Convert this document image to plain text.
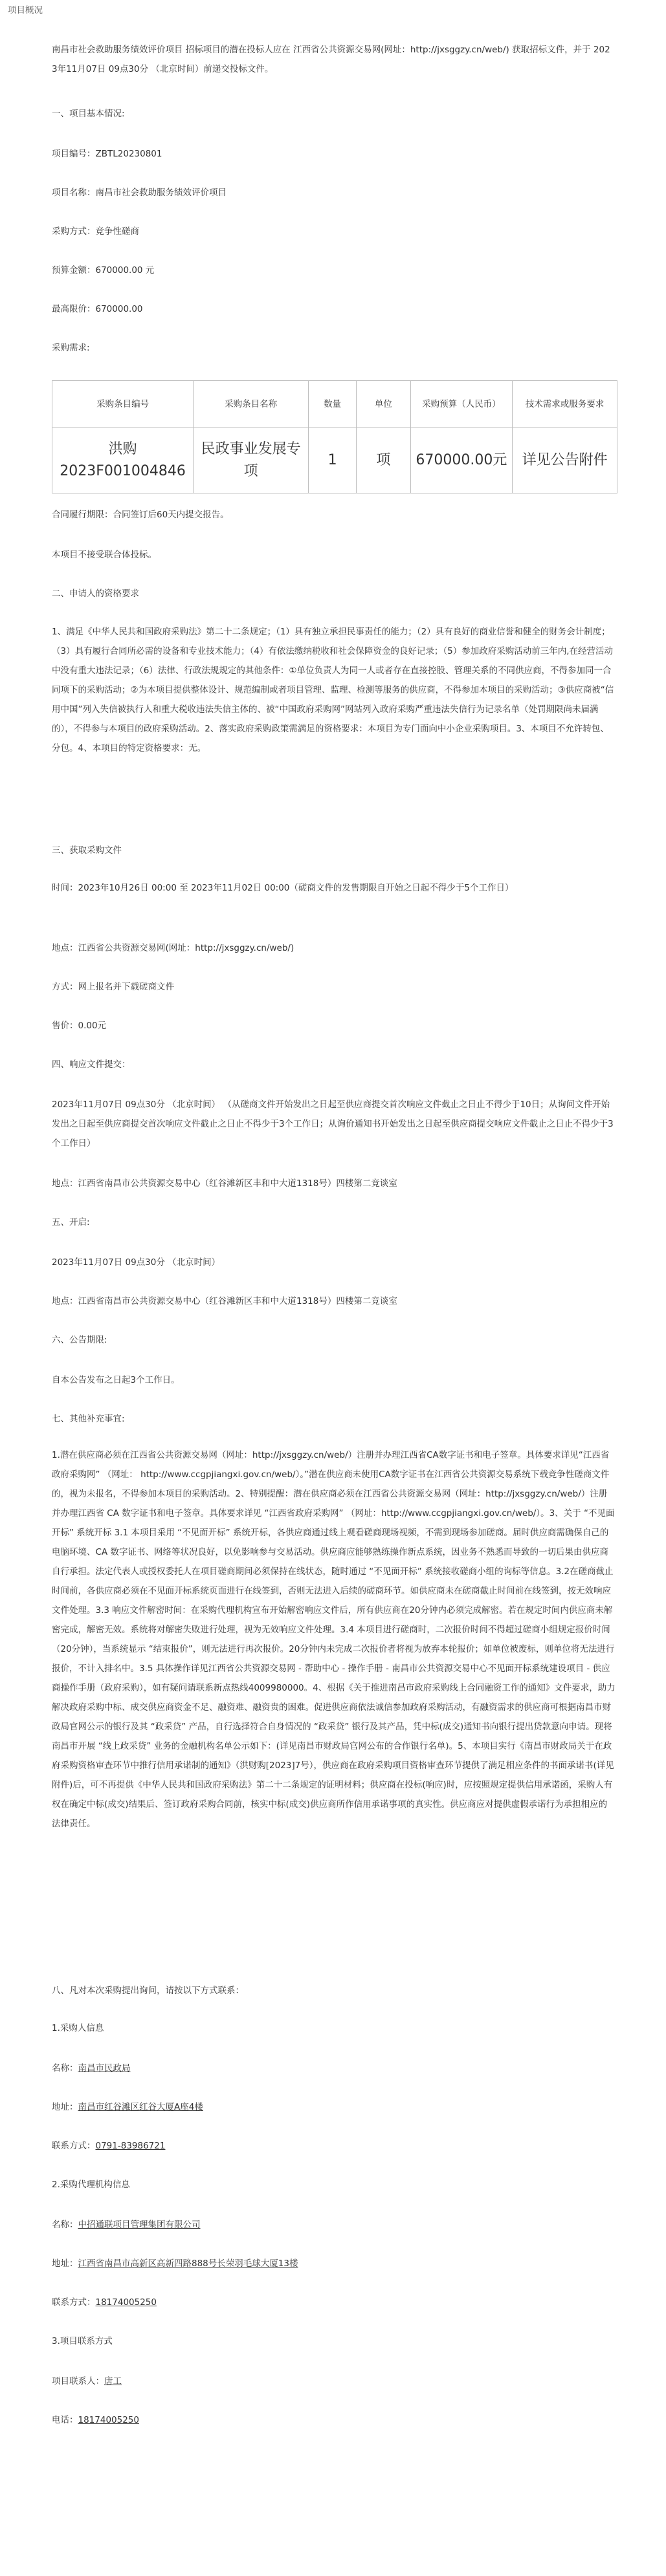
项目概况
南昌市社会救助服务绩效评价项目 招标项目的潜在投标人应在 江西省公共资源交易网(网址：http://jxsggzy.cn/web/) 获取招标文件，并于 2023年11月07日 09点30分 （北京时间）前递交投标文件。
一、项目基本情况:
项目编号：ZBTL20230801
项目名称：南昌市社会救助服务绩效评价项目
采购方式：竞争性磋商
预算金额：670000.00 元
最高限价：670000.00
采购需求:
采购条目编号	采购条目名称	数量	单位	采购预算（人民币）	技术需求或服务要求
洪购2023F001004846	民政事业发展专项	1	项	670000.00元	详见公告附件
合同履行期限：合同签订后60天内提交报告。
本项目不接受联合体投标。
二、申请人的资格要求
1、满足《中华人民共和国政府采购法》第二十二条规定；（1）具有独立承担民事责任的能力；（2）具有良好的商业信誉和健全的财务会计制度；（3）具有履行合同所必需的设备和专业技术能力；（4）有依法缴纳税收和社会保障资金的良好记录；（5）参加政府采购活动前三年内,在经营活动中没有重大违法记录；（6）法律、行政法规规定的其他条件：①单位负责人为同一人或者存在直接控股、管理关系的不同供应商，不得参加同一合同项下的采购活动；②为本项目提供整体设计、规范编制或者项目管理、监理、检测等服务的供应商，不得参加本项目的采购活动；③供应商被“信用中国”列入失信被执行人和重大税收违法失信主体的、被“中国政府采购网”网站列入政府采购严重违法失信行为记录名单（处罚期限尚未届满的），不得参与本项目的政府采购活动。2、落实政府采购政策需满足的资格要求：本项目为专门面向中小企业采购项目。3、本项目不允许转包、分包。4、本项目的特定资格要求：无。
三、获取采购文件
时间：2023年10月26日 00:00 至 2023年11月02日 00:00（磋商文件的发售期限自开始之日起不得少于5个工作日）
地点：江西省公共资源交易网(网址：http://jxsggzy.cn/web/)
方式：网上报名并下载磋商文件
售价：0.00元
四、响应文件提交：
2023年11月07日 09点30分 （北京时间） （从磋商文件开始发出之日起至供应商提交首次响应文件截止之日止不得少于10日；从询问文件开始发出之日起至供应商提交首次响应文件截止之日止不得少于3个工作日；从询价通知书开始发出之日起至供应商提交响应文件截止之日止不得少于3个工作日）
地点：江西省南昌市公共资源交易中心（红谷滩新区丰和中大道1318号）四楼第二竞谈室
五、开启:
2023年11月07日 09点30分 （北京时间）
地点：江西省南昌市公共资源交易中心（红谷滩新区丰和中大道1318号）四楼第二竞谈室
六、公告期限:
自本公告发布之日起3个工作日。
七、其他补充事宜:
1.潜在供应商必须在江西省公共资源交易网（网址：http://jxsggzy.cn/web/）注册并办理江西省CA数字证书和电子签章。具体要求详见“江西省政府采购网” （网址： http://www.ccgpjiangxi.gov.cn/web/）。”潜在供应商未使用CA数字证书在江西省公共资源交易系统下载竞争性磋商文件的，视为未报名，不得参加本项目的采购活动。2、特别提醒：潜在供应商必须在江西省公共资源交易网（网址：http://jxsggzy.cn/web/）注册并办理江西省 CA 数字证书和电子签章。具体要求详见 “江西省政府采购网” （网址：http://www.ccgpjiangxi.gov.cn/web/）。3、关于 “不见面开标” 系统开标 3.1 本项目采用 “不见面开标” 系统开标，各供应商通过线上观看磋商现场视频，不需到现场参加磋商。届时供应商需确保自己的电脑环境、CA 数字证书、网络等状况良好，以免影响参与交易活动。供应商应能够熟练操作新点系统，因业务不熟悉而导致的一切后果由供应商自行承担。法定代表人或授权委托人在项目磋商期间必须保持在线状态，随时通过 “不见面开标” 系统接收磋商小组的询标等信息。3.2在磋商截止时间前，各供应商必须在不见面开标系统页面进行在线签到，否则无法进入后续的磋商环节。如供应商未在磋商截止时间前在线签到，按无效响应文件处理。3.3 响应文件解密时间：在采购代理机构宣布开始解密响应文件后，所有供应商在20分钟内必须完成解密。若在规定时间内供应商未解密完成，解密无效。系统将对解密失败进行处理，视为无效响应文件处理。3.4 本项目进行磋商时，二次报价时间不得超过磋商小组规定报价时间（20分钟），当系统显示 “结束报价”，则无法进行再次报价。20分钟内未完成二次报价者将视为放弃本轮报价；如单位被废标，则单位将无法进行报价，不计入排名中。3.5 具体操作详见江西省公共资源交易网 - 帮助中心 - 操作手册 - 南昌市公共资源交易中心不见面开标系统建设项目 - 供应商操作手册（政府采购），如有疑问请联系新点热线4009980000。4、根据《关于推进南昌市政府采购线上合同融资工作的通知》文件要求，助力解决政府采购中标、成交供应商资金不足、融资难、融资贵的困难。促进供应商依法诚信参加政府采购活动，有融资需求的供应商可根据南昌市财政局官网公示的银行及其 “政采贷” 产品，自行选择符合自身情况的 “政采贷” 银行及其产品，凭中标(成交)通知书向银行提出贷款意向申请。现将南昌市开展 “线上政采贷” 业务的金融机构名单公示如下：(详见南昌市财政局官网公布的合作银行名单)。5、本项目实行《南昌市财政局关于在政府采购资格审查环节中推行信用承诺制的通知》（洪财购[2023]7号），供应商在政府采购项目资格审查环节提供了满足相应条件的书面承诺书(详见附件)后，可不再提供《中华人民共和国政府采购法》第二十二条规定的证明材料；供应商在投标(响应)时，应按照规定提供信用承诺函，采购人有权在确定中标(成交)结果后、签订政府采购合同前，核实中标(成交)供应商所作信用承诺事项的真实性。供应商应对提供虚假承诺行为承担相应的法律责任。
八、凡对本次采购提出询问，请按以下方式联系：
1.采购人信息
名称：南昌市民政局
地址：南昌市红谷滩区红谷大厦A座4楼
联系方式：0791-83986721
2.采购代理机构信息
名称：中招通联项目管理集团有限公司
地址：江西省南昌市高新区高新四路888号长荣羽毛球大厦13楼
联系方式：18174005250
3.项目联系方式
项目联系人：唐工
电话：18174005250
